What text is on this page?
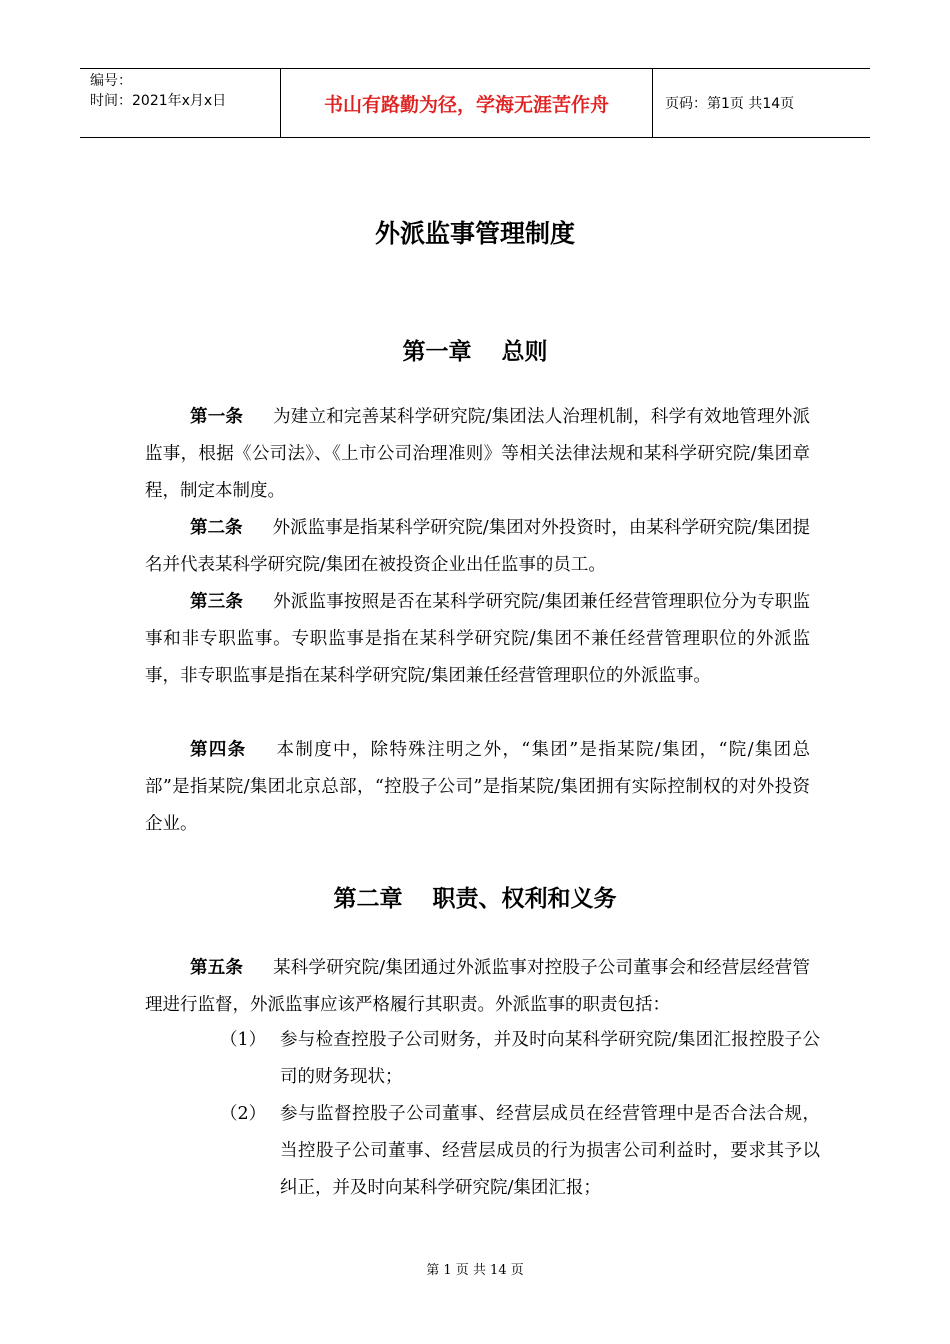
编号：
时间：2021年x月x日	书山有路勤为径，学海无涯苦作舟	页码：第1页 共14页
外派监事管理制度
第一章 总则
第一条 为建立和完善某科学研究院/集团法人治理机制，科学有效地管理外派监事，根据《公司法》、《上市公司治理准则》等相关法律法规和某科学研究院/集团章程，制定本制度。
第二条 外派监事是指某科学研究院/集团对外投资时，由某科学研究院/集团提名并代表某科学研究院/集团在被投资企业出任监事的员工。
第三条 外派监事按照是否在某科学研究院/集团兼任经营管理职位分为专职监事和非专职监事。专职监事是指在某科学研究院/集团不兼任经营管理职位的外派监事，非专职监事是指在某科学研究院/集团兼任经营管理职位的外派监事。
第四条 本制度中，除特殊注明之外，“集团”是指某院/集团，“院/集团总部”是指某院/集团北京总部，“控股子公司”是指某院/集团拥有实际控制权的对外投资企业。
第二章 职责、权利和义务
第五条 某科学研究院/集团通过外派监事对控股子公司董事会和经营层经营管理进行监督，外派监事应该严格履行其职责。外派监事的职责包括：
（1） 参与检查控股子公司财务，并及时向某科学研究院/集团汇报控股子公司的财务现状；
（2） 参与监督控股子公司董事、经营层成员在经营管理中是否合法合规，当控股子公司董事、经营层成员的行为损害公司利益时，要求其予以纠正，并及时向某科学研究院/集团汇报；
第 1 页 共 14 页
